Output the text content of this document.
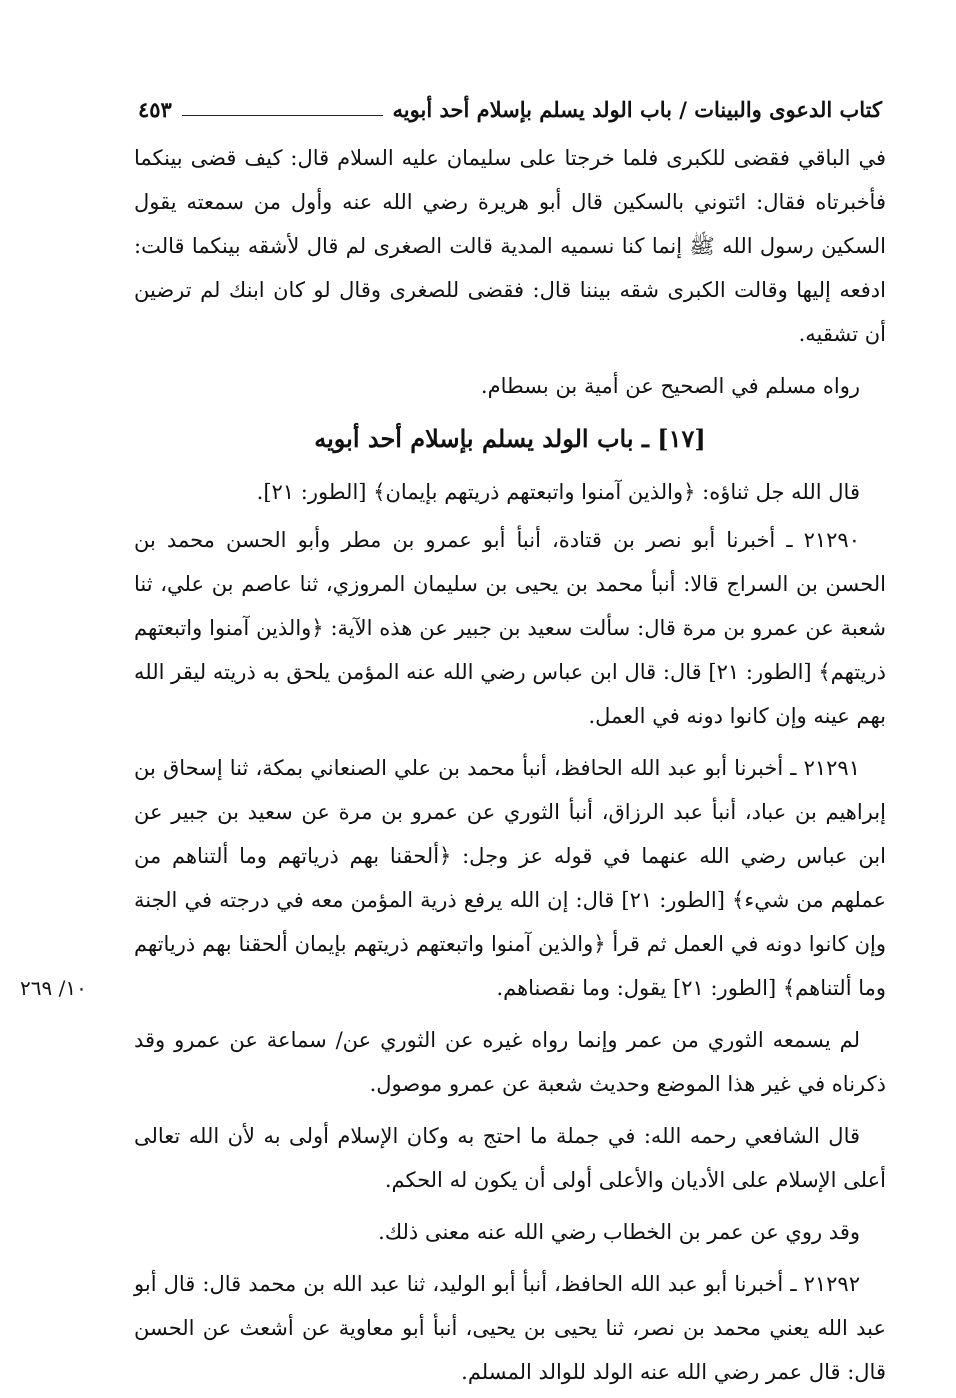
كتاب الدعوى والبينات / باب الولد يسلم بإسلام أحد أبويه
٤٥٣

في الباقي فقضى للكبرى فلما خرجتا على سليمان عليه السلام قال: كيف قضى بينكما فأخبرتاه فقال: ائتوني بالسكين قال أبو هريرة رضي الله عنه وأول من سمعته يقول السكين رسول الله ﷺ إنما كنا نسميه المدية قالت الصغرى لم قال لأشقه بينكما قالت: ادفعه إليها وقالت الكبرى شقه بيننا قال: فقضى للصغرى وقال لو كان ابنك لم ترضين أن تشقيه.

رواه مسلم في الصحيح عن أمية بن بسطام.

[١٧] ـ باب الولد يسلم بإسلام أحد أبويه

قال الله جل ثناؤه: ﴿والذين آمنوا واتبعتهم ذريتهم بإيمان﴾ [الطور: ٢١].

٢١٢٩٠ ـ أخبرنا أبو نصر بن قتادة، أنبأ أبو عمرو بن مطر وأبو الحسن محمد بن الحسن بن السراج قالا: أنبأ محمد بن يحيى بن سليمان المروزي، ثنا عاصم بن علي، ثنا شعبة عن عمرو بن مرة قال: سألت سعيد بن جبير عن هذه الآية: ﴿والذين آمنوا واتبعتهم ذريتهم﴾ [الطور: ٢١] قال: قال ابن عباس رضي الله عنه المؤمن يلحق به ذريته ليقر الله بهم عينه وإن كانوا دونه في العمل.

٢١٢٩١ ـ أخبرنا أبو عبد الله الحافظ، أنبأ محمد بن علي الصنعاني بمكة، ثنا إسحاق بن إبراهيم بن عباد، أنبأ عبد الرزاق، أنبأ الثوري عن عمرو بن مرة عن سعيد بن جبير عن ابن عباس رضي الله عنهما في قوله عز وجل: ﴿ألحقنا بهم ذرياتهم وما ألتناهم من عملهم من شيء﴾ [الطور: ٢١] قال: إن الله يرفع ذرية المؤمن معه في درجته في الجنة وإن كانوا دونه في العمل ثم قرأ ﴿والذين آمنوا واتبعتهم ذريتهم بإيمان ألحقنا بهم ذرياتهم وما ألتناهم﴾ [الطور: ٢١] يقول: وما نقصناهم.

لم يسمعه الثوري من عمر وإنما رواه غيره عن الثوري عن/ سماعة عن عمرو وقد ذكرناه في غير هذا الموضع وحديث شعبة عن عمرو موصول.

قال الشافعي رحمه الله: في جملة ما احتج به وكان الإسلام أولى به لأن الله تعالى أعلى الإسلام على الأديان والأعلى أولى أن يكون له الحكم.

وقد روي عن عمر بن الخطاب رضي الله عنه معنى ذلك.

٢١٢٩٢ ـ أخبرنا أبو عبد الله الحافظ، أنبأ أبو الوليد، ثنا عبد الله بن محمد قال: قال أبو عبد الله يعني محمد بن نصر، ثنا يحيى بن يحيى، أنبأ أبو معاوية عن أشعث عن الحسن قال: قال عمر رضي الله عنه الولد للوالد المسلم.

١٠/ ٢٦٩
